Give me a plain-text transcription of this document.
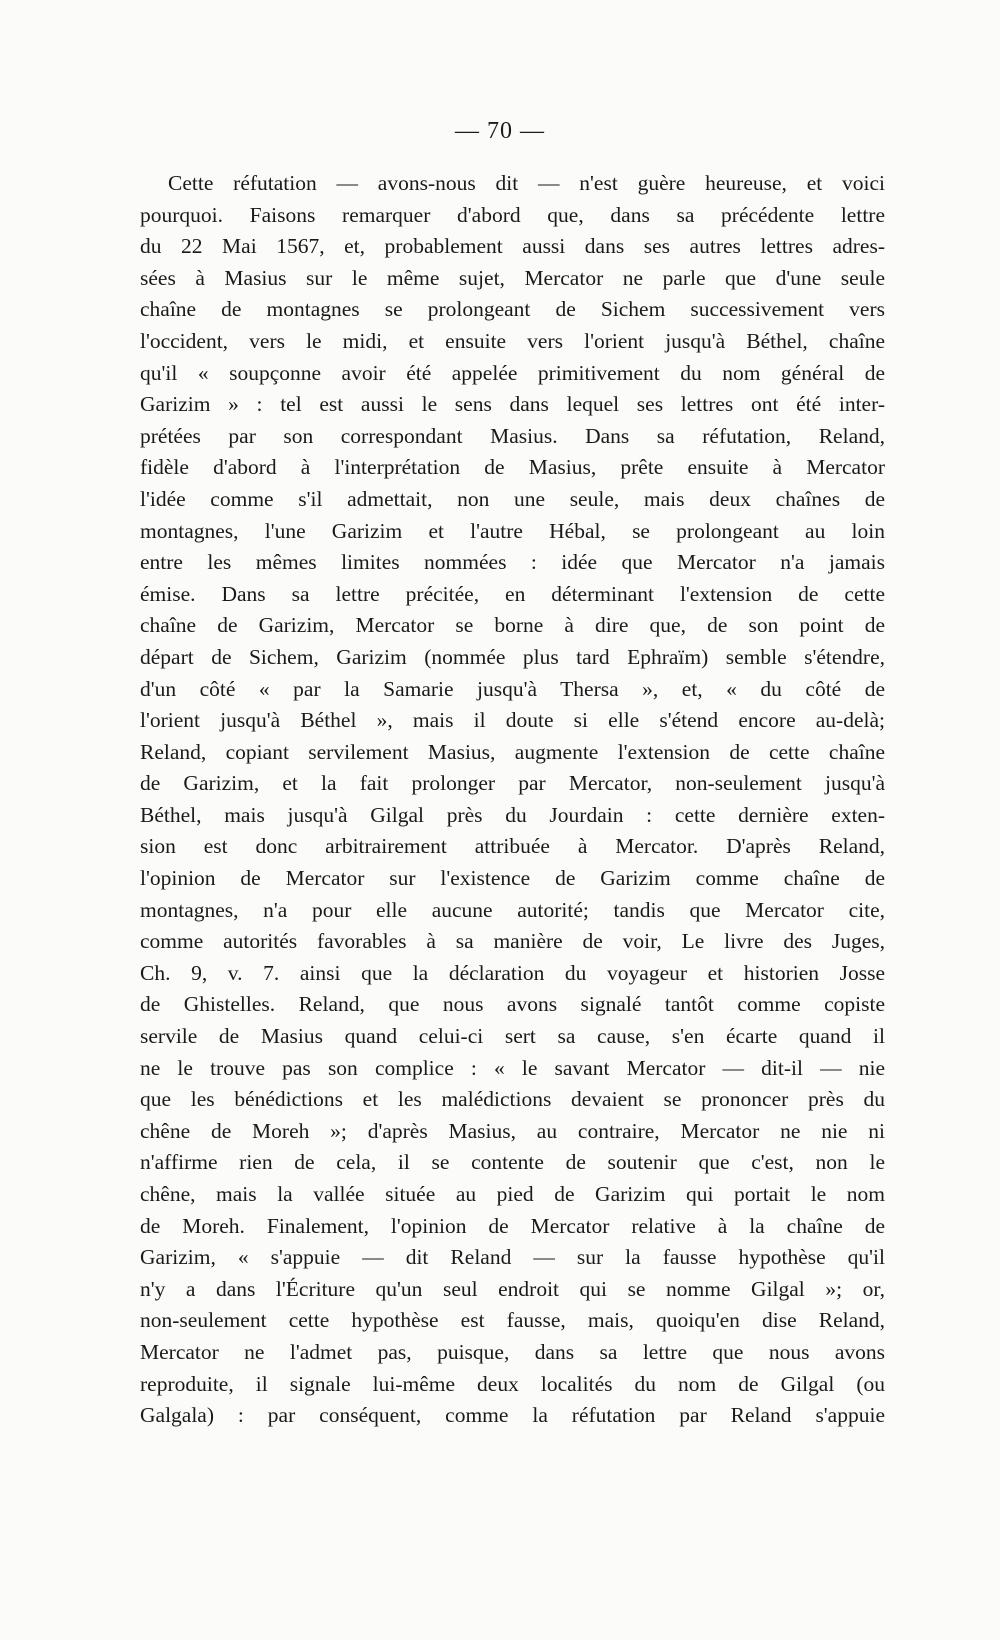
— 70 —

Cette réfutation — avons-nous dit — n'est guère heureuse, et voici
pourquoi. Faisons remarquer d'abord que, dans sa précédente lettre
du 22 Mai 1567, et, probablement aussi dans ses autres lettres adres-
sées à Masius sur le même sujet, Mercator ne parle que d'une seule
chaîne de montagnes se prolongeant de Sichem successivement vers
l'occident, vers le midi, et ensuite vers l'orient jusqu'à Béthel, chaîne
qu'il « soupçonne avoir été appelée primitivement du nom général de
Garizim » : tel est aussi le sens dans lequel ses lettres ont été inter-
prétées par son correspondant Masius. Dans sa réfutation, Reland,
fidèle d'abord à l'interprétation de Masius, prête ensuite à Mercator
l'idée comme s'il admettait, non une seule, mais deux chaînes de
montagnes, l'une Garizim et l'autre Hébal, se prolongeant au loin
entre les mêmes limites nommées : idée que Mercator n'a jamais
émise. Dans sa lettre précitée, en déterminant l'extension de cette
chaîne de Garizim, Mercator se borne à dire que, de son point de
départ de Sichem, Garizim (nommée plus tard Ephraïm) semble s'étendre,
d'un côté « par la Samarie jusqu'à Thersa », et, « du côté de
l'orient jusqu'à Béthel », mais il doute si elle s'étend encore au-delà;
Reland, copiant servilement Masius, augmente l'extension de cette chaîne
de Garizim, et la fait prolonger par Mercator, non-seulement jusqu'à
Béthel, mais jusqu'à Gilgal près du Jourdain : cette dernière exten-
sion est donc arbitrairement attribuée à Mercator. D'après Reland,
l'opinion de Mercator sur l'existence de Garizim comme chaîne de
montagnes, n'a pour elle aucune autorité; tandis que Mercator cite,
comme autorités favorables à sa manière de voir, Le livre des Juges,
Ch. 9, v. 7. ainsi que la déclaration du voyageur et historien Josse
de Ghistelles. Reland, que nous avons signalé tantôt comme copiste
servile de Masius quand celui-ci sert sa cause, s'en écarte quand il
ne le trouve pas son complice : « le savant Mercator — dit-il — nie
que les bénédictions et les malédictions devaient se prononcer près du
chêne de Moreh »; d'après Masius, au contraire, Mercator ne nie ni
n'affirme rien de cela, il se contente de soutenir que c'est, non le
chêne, mais la vallée située au pied de Garizim qui portait le nom
de Moreh. Finalement, l'opinion de Mercator relative à la chaîne de
Garizim, « s'appuie — dit Reland — sur la fausse hypothèse qu'il
n'y a dans l'Écriture qu'un seul endroit qui se nomme Gilgal »; or,
non-seulement cette hypothèse est fausse, mais, quoiqu'en dise Reland,
Mercator ne l'admet pas, puisque, dans sa lettre que nous avons
reproduite, il signale lui-même deux localités du nom de Gilgal (ou
Galgala) : par conséquent, comme la réfutation par Reland s'appuie
